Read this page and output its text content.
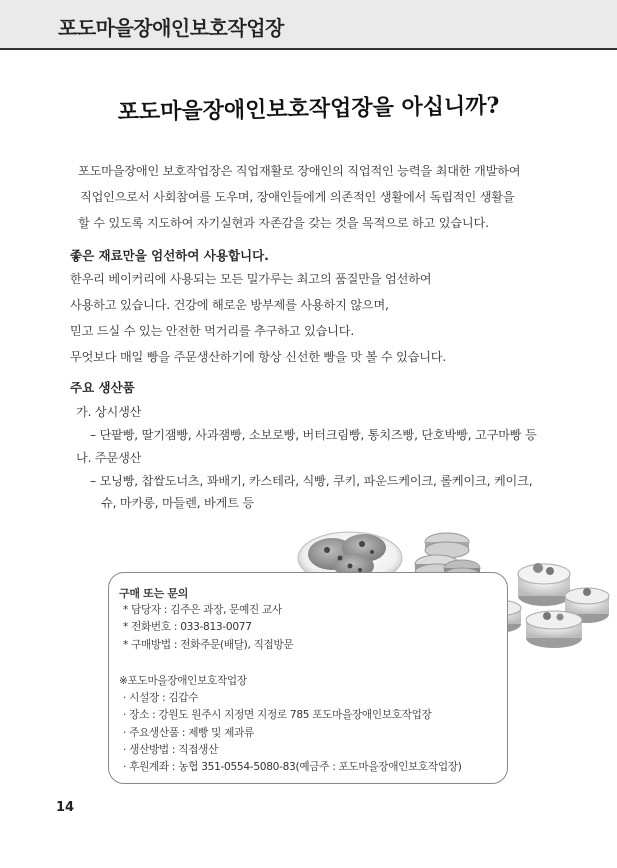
포도마을장애인보호작업장
포도마을장애인보호작업장을 아십니까?
포도마을장애인 보호작업장은 직업재활로 장애인의 직업적인 능력을 최대한 개발하여
직업인으로서 사회참여를 도우며, 장애인들에게 의존적인 생활에서 독립적인 생활을
할 수 있도록 지도하여 자기실현과 자존감을 갖는 것을 목적으로 하고 있습니다.
좋은 재료만을 엄선하여 사용합니다.
한우리 베이커리에 사용되는 모든 밀가루는 최고의 품질만을 엄선하여
사용하고 있습니다. 건강에 해로운 방부제를 사용하지 않으며,
믿고 드실 수 있는 안전한 먹거리를 추구하고 있습니다.
무엇보다 매일 빵을 주문생산하기에 항상 신선한 빵을 맛 볼 수 있습니다.
주요 생산품
가. 상시생산
– 단팥빵, 딸기잼빵, 사과잼빵, 소보로빵, 버터크림빵, 통치즈빵, 단호박빵, 고구마빵 등
나. 주문생산
– 모닝빵, 찹쌀도너츠, 꽈배기, 카스테라, 식빵, 쿠키, 파운드케이크, 롤케이크, 케이크,
슈, 마카롱, 마들렌, 바게트 등
구매 또는 문의
* 담당자 : 김주은 과장, 문예진 교사
* 전화번호 : 033-813-0077
* 구매방법 : 전화주문(배달), 직접방문
※포도마을장애인보호작업장
· 시설장 : 김갑수
· 장소 : 강원도 원주시 지정면 지정로 785 포도마을장애인보호작업장
· 주요생산품 : 제빵 및 제과류
· 생산방법 : 직접생산
· 후원계좌 : 농협 351-0554-5080-83(예금주 : 포도마을장애인보호작업장)
14
